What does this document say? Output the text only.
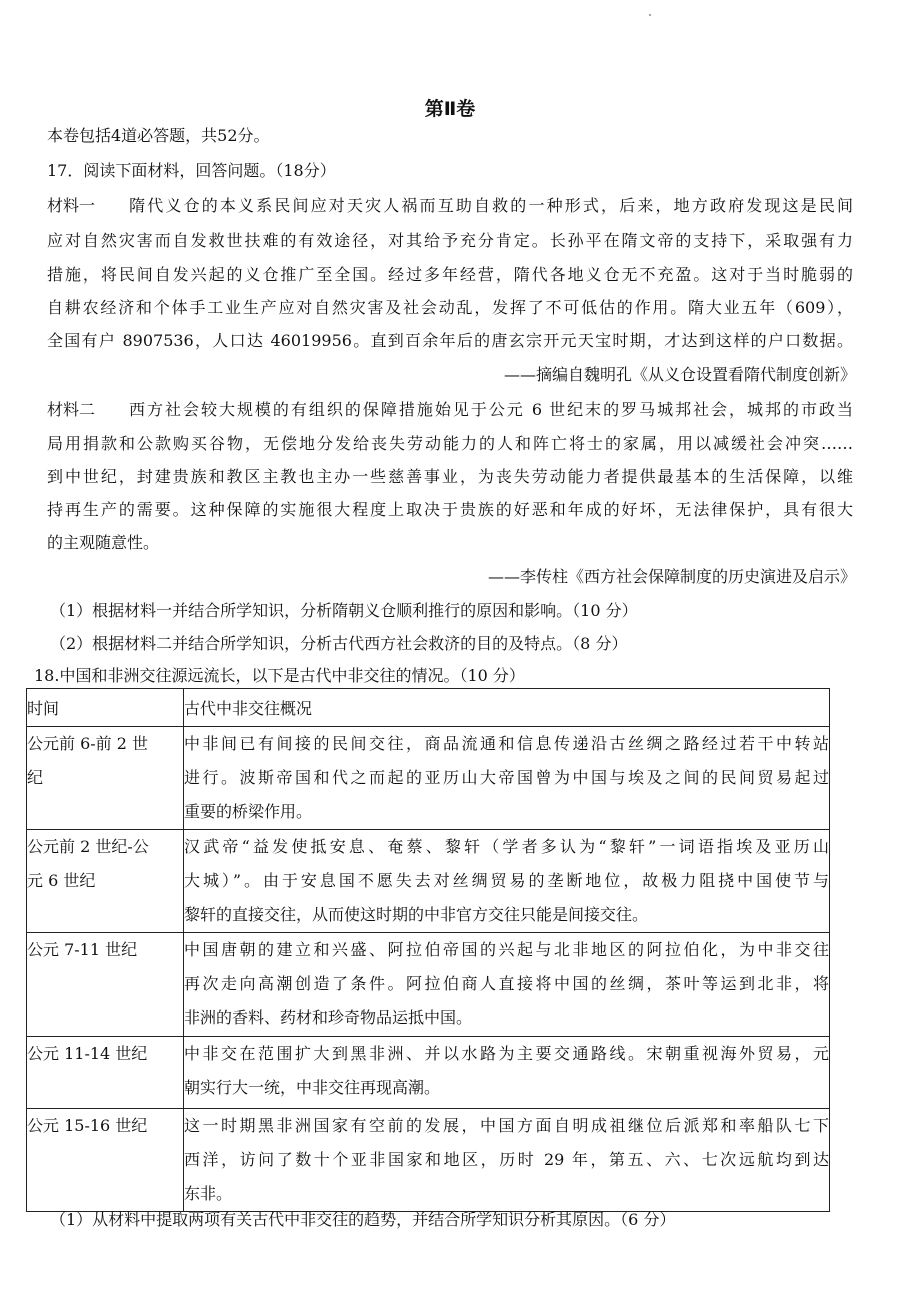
第Ⅱ卷
本卷包括4道必答题，共52分。
17．阅读下面材料，回答问题。（18分）
材料一 隋代义仓的本义系民间应对天灾人祸而互助自救的一种形式，后来，地方政府发现这是民间
应对自然灾害而自发救世扶难的有效途径，对其给予充分肯定。长孙平在隋文帝的支持下，采取强有力
措施，将民间自发兴起的义仓推广至全国。经过多年经营，隋代各地义仓无不充盈。这对于当时脆弱的
自耕农经济和个体手工业生产应对自然灾害及社会动乱，发挥了不可低估的作用。隋大业五年（609），
全国有户 8907536，人口达 46019956。直到百余年后的唐玄宗开元天宝时期，才达到这样的户口数据。
——摘编自魏明孔《从义仓设置看隋代制度创新》
材料二 西方社会较大规模的有组织的保障措施始见于公元 6 世纪末的罗马城邦社会，城邦的市政当
局用捐款和公款购买谷物，无偿地分发给丧失劳动能力的人和阵亡将士的家属，用以减缓社会冲突……
到中世纪，封建贵族和教区主教也主办一些慈善事业，为丧失劳动能力者提供最基本的生活保障，以维
持再生产的需要。这种保障的实施很大程度上取决于贵族的好恶和年成的好坏，无法律保护，具有很大
的主观随意性。
——李传柱《西方社会保障制度的历史演进及启示》
（1）根据材料一并结合所学知识，分析隋朝义仓顺利推行的原因和影响。（10 分）
（2）根据材料二并结合所学知识，分析古代西方社会救济的目的及特点。（8 分）
18.中国和非洲交往源远流长，以下是古代中非交往的情况。（10 分）
时间	古代中非交往概况

公元前 6-前 2 世
纪	中非间已有间接的民间交往，商品流通和信息传递沿古丝绸之路经过若干中转站
进行。波斯帝国和代之而起的亚历山大帝国曾为中国与埃及之间的民间贸易起过
重要的桥梁作用。

公元前 2 世纪-公
元 6 世纪	汉武帝“益发使抵安息、奄蔡、黎轩（学者多认为“黎轩”一词语指埃及亚历山
大城）”。由于安息国不愿失去对丝绸贸易的垄断地位，故极力阻挠中国使节与
黎轩的直接交往，从而使这时期的中非官方交往只能是间接交往。

公元 7-11 世纪	中国唐朝的建立和兴盛、阿拉伯帝国的兴起与北非地区的阿拉伯化，为中非交往
再次走向高潮创造了条件。阿拉伯商人直接将中国的丝绸，茶叶等运到北非，将
非洲的香料、药材和珍奇物品运抵中国。

公元 11-14 世纪	中非交在范围扩大到黑非洲、并以水路为主要交通路线。宋朝重视海外贸易，元
朝实行大一统，中非交往再现高潮。

公元 15-16 世纪	这一时期黑非洲国家有空前的发展，中国方面自明成祖继位后派郑和率船队七下
西洋，访问了数十个亚非国家和地区，历时 29 年，第五、六、七次远航均到达
东非。
（1）从材料中提取两项有关古代中非交往的趋势，并结合所学知识分析其原因。（6 分）
